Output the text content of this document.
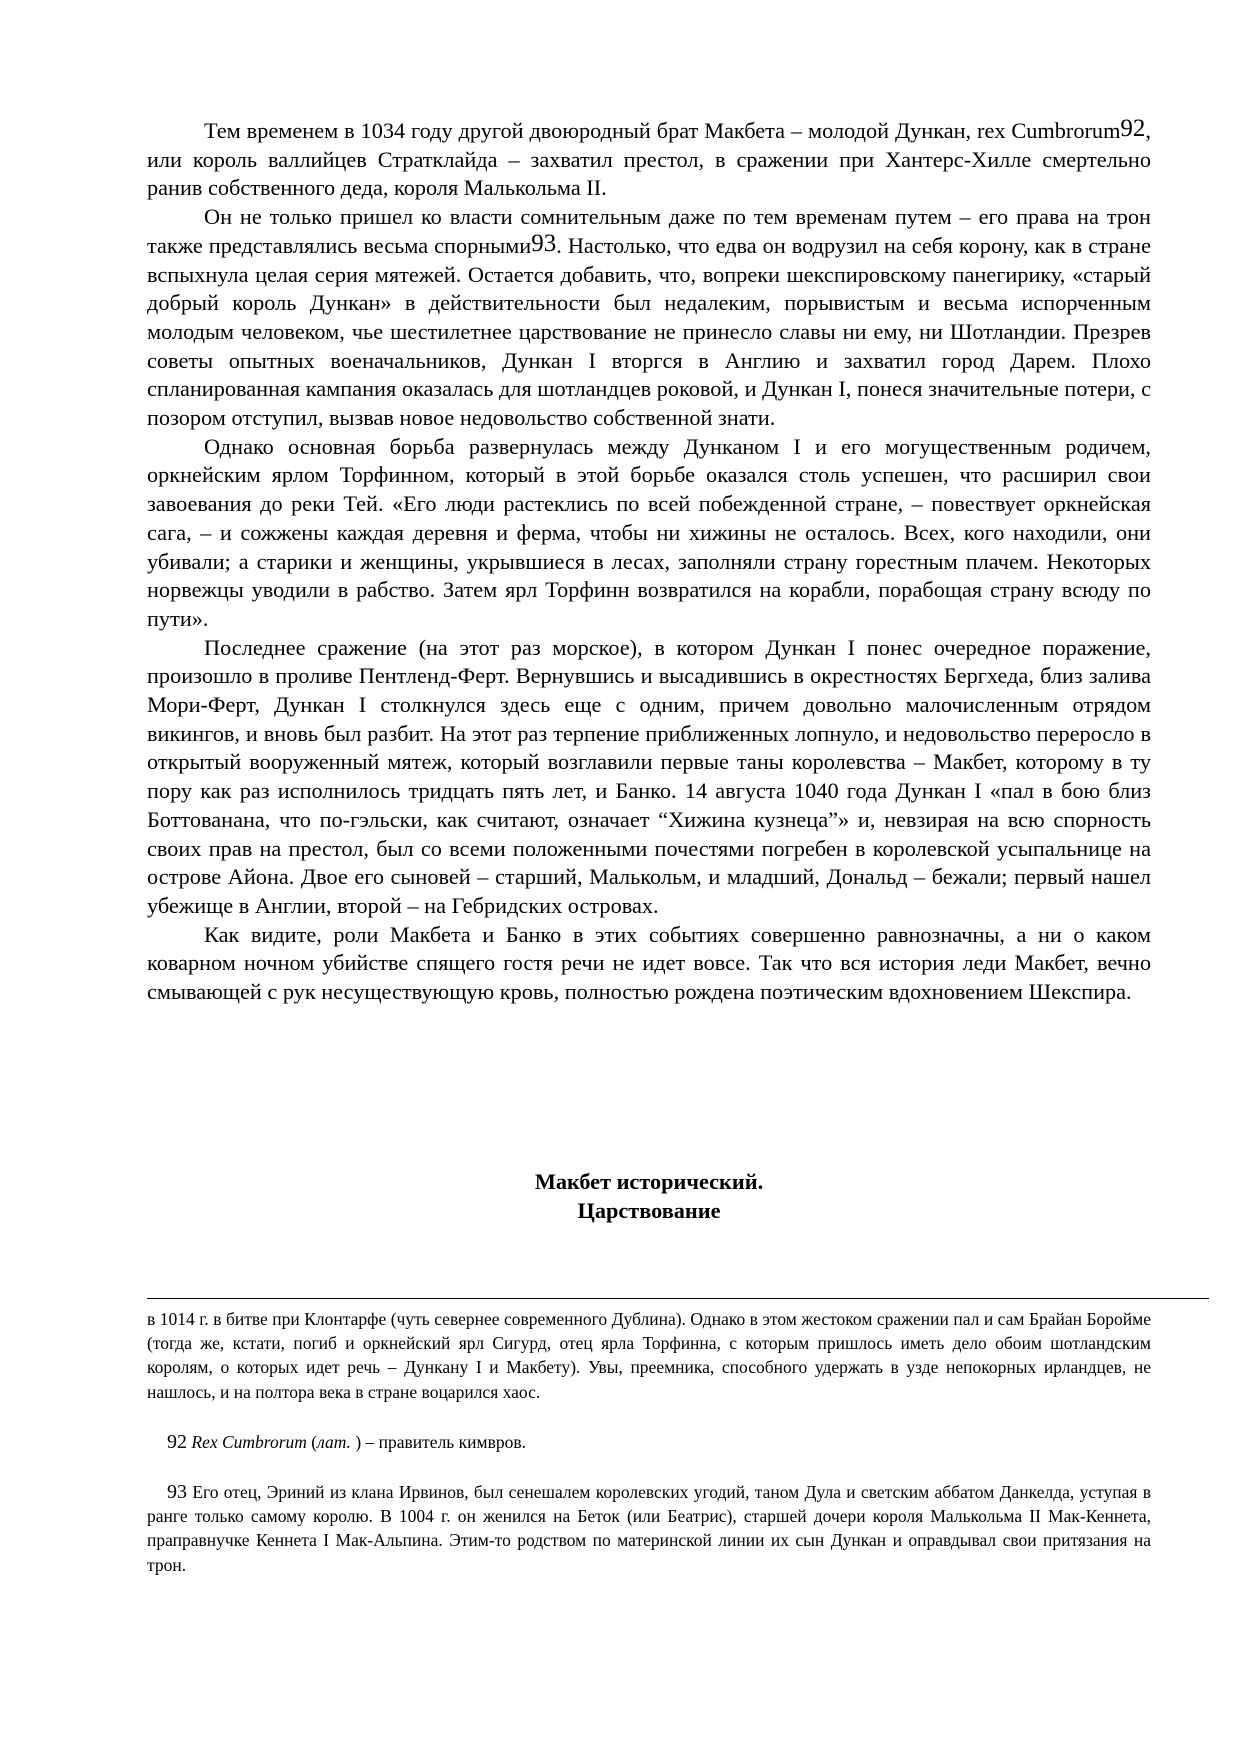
Тем временем в 1034 году другой двоюродный брат Макбета – молодой Дункан, rex Cumbrorum$^{92}$, или король валлийцев Стратклайда – захватил престол, в сражении при Хантерс-Хилле смертельно ранив собственного деда, короля Малькольма II.

Он не только пришел ко власти сомнительным даже по тем временам путем – его права на трон также представлялись весьма спорными$^{93}$. Настолько, что едва он водрузил на себя корону, как в стране вспыхнула целая серия мятежей. Остается добавить, что, вопреки шекспировскому панегирику, «старый добрый король Дункан» в действительности был недалеким, порывистым и весьма испорченным молодым человеком, чье шестилетнее царствование не принесло славы ни ему, ни Шотландии. Презрев советы опытных военачальников, Дункан I вторгся в Англию и захватил город Дарем. Плохо спланированная кампания оказалась для шотландцев роковой, и Дункан I, понеся значительные потери, с позором отступил, вызвав новое недовольство собственной знати.

Однако основная борьба развернулась между Дунканом I и его могущественным родичем, оркнейским ярлом Торфинном, который в этой борьбе оказался столь успешен, что расширил свои завоевания до реки Тей. «Его люди растеклись по всей побежденной стране, – повествует оркнейская сага, – и сожжены каждая деревня и ферма, чтобы ни хижины не осталось. Всех, кого находили, они убивали; а старики и женщины, укрывшиеся в лесах, заполняли страну горестным плачем. Некоторых норвежцы уводили в рабство. Затем ярл Торфинн возвратился на корабли, порабощая страну всюду по пути».

Последнее сражение (на этот раз морское), в котором Дункан I понес очередное поражение, произошло в проливе Пентленд-Ферт. Вернувшись и высадившись в окрестностях Бергхеда, близ залива Мори-Ферт, Дункан I столкнулся здесь еще с одним, причем довольно малочисленным отрядом викингов, и вновь был разбит. На этот раз терпение приближенных лопнуло, и недовольство переросло в открытый вооруженный мятеж, который возглавили первые таны королевства – Макбет, которому в ту пору как раз исполнилось тридцать пять лет, и Банко. 14 августа 1040 года Дункан I «пал в бою близ Боттованана, что по-гэльски, как считают, означает “Хижина кузнеца”» и, невзирая на всю спорность своих прав на престол, был со всеми положенными почестями погребен в королевской усыпальнице на острове Айона. Двое его сыновей – старший, Малькольм, и младший, Дональд – бежали; первый нашел убежище в Англии, второй – на Гебридских островах.

Как видите, роли Макбета и Банко в этих событиях совершенно равнозначны, а ни о каком коварном ночном убийстве спящего гостя речи не идет вовсе. Так что вся история леди Макбет, вечно смывающей с рук несуществующую кровь, полностью рождена поэтическим вдохновением Шекспира.

Макбет исторический.
Царствование

в 1014 г. в битве при Клонтарфе (чуть севернее современного Дублина). Однако в этом жестоком сражении пал и сам Брайан Боройме (тогда же, кстати, погиб и оркнейский ярл Сигурд, отец ярла Торфинна, с которым пришлось иметь дело обоим шотландским королям, о которых идет речь – Дункану I и Макбету). Увы, преемника, способного удержать в узде непокорных ирландцев, не нашлось, и на полтора века в стране воцарился хаос.

92 Rex Cumbrorum (лат. ) – правитель кимвров.

93 Его отец, Эриний из клана Ирвинов, был сенешалем королевских угодий, таном Дула и светским аббатом Данкелда, уступая в ранге только самому королю. В 1004 г. он женился на Беток (или Беатрис), старшей дочери короля Малькольма II Мак-Кеннета, праправнучке Кеннета I Мак-Альпина. Этим-то родством по материнской линии их сын Дункан и оправдывал свои притязания на трон.
